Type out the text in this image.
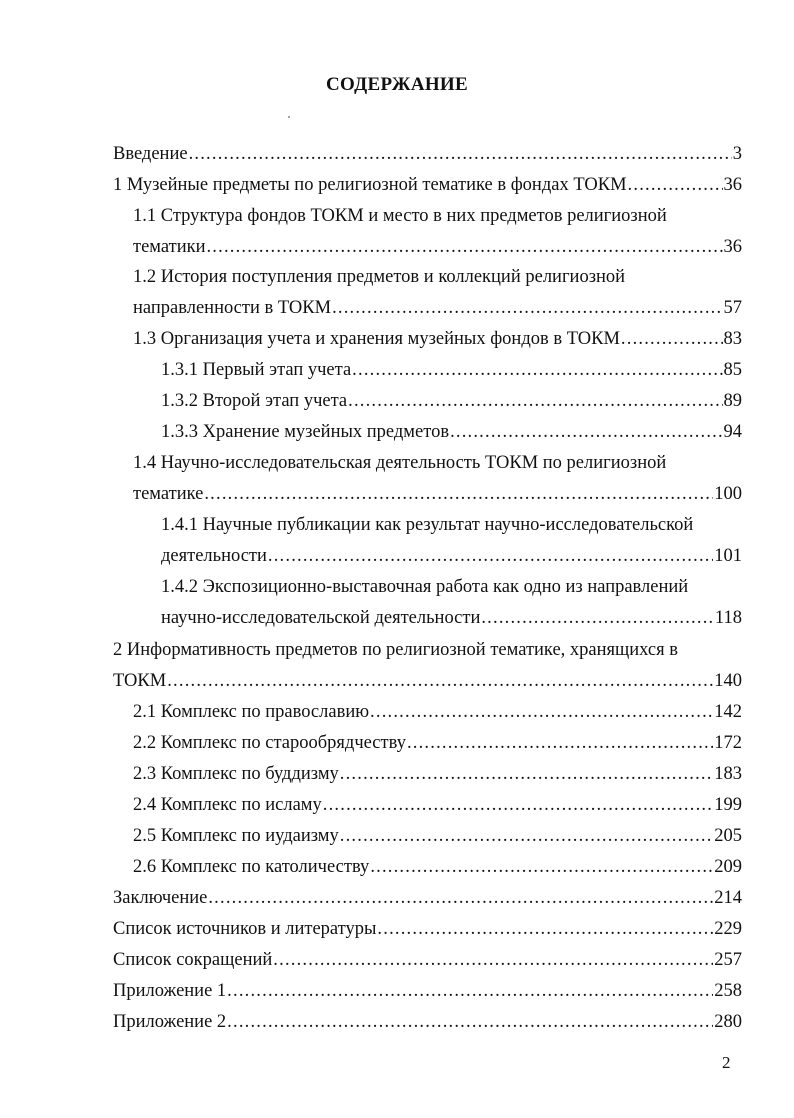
СОДЕРЖАНИЕ
Введение .....	3
1 Музейные предметы по религиозной тематике в фондах ТОКМ .....	36
1.1 Структура фондов ТОКМ и место в них предметов религиозной
тематики .....	36
1.2 История поступления предметов и коллекций религиозной
направленности в ТОКМ .....	57
1.3 Организация учета и хранения музейных фондов в ТОКМ .....	83
1.3.1 Первый этап учета .....	85
1.3.2 Второй этап учета .....	89
1.3.3 Хранение музейных предметов .....	94
1.4 Научно-исследовательская деятельность ТОКМ по религиозной
тематике .....	100
1.4.1 Научные публикации как результат научно-исследовательской
деятельности .....	101
1.4.2 Экспозиционно-выставочная работа как одно из направлений
научно-исследовательской деятельности .....	118
2 Информативность предметов по религиозной тематике, хранящихся в
ТОКМ .....	140
2.1 Комплекс по православию .....	142
2.2 Комплекс по старообрядчеству .....	172
2.3 Комплекс по буддизму .....	183
2.4 Комплекс по исламу .....	199
2.5 Комплекс по иудаизму .....	205
2.6 Комплекс по католичеству .....	209
Заключение .....	214
Список источников и литературы .....	229
Список сокращений .....	257
Приложение 1 .....	258
Приложение 2 .....	280
2
